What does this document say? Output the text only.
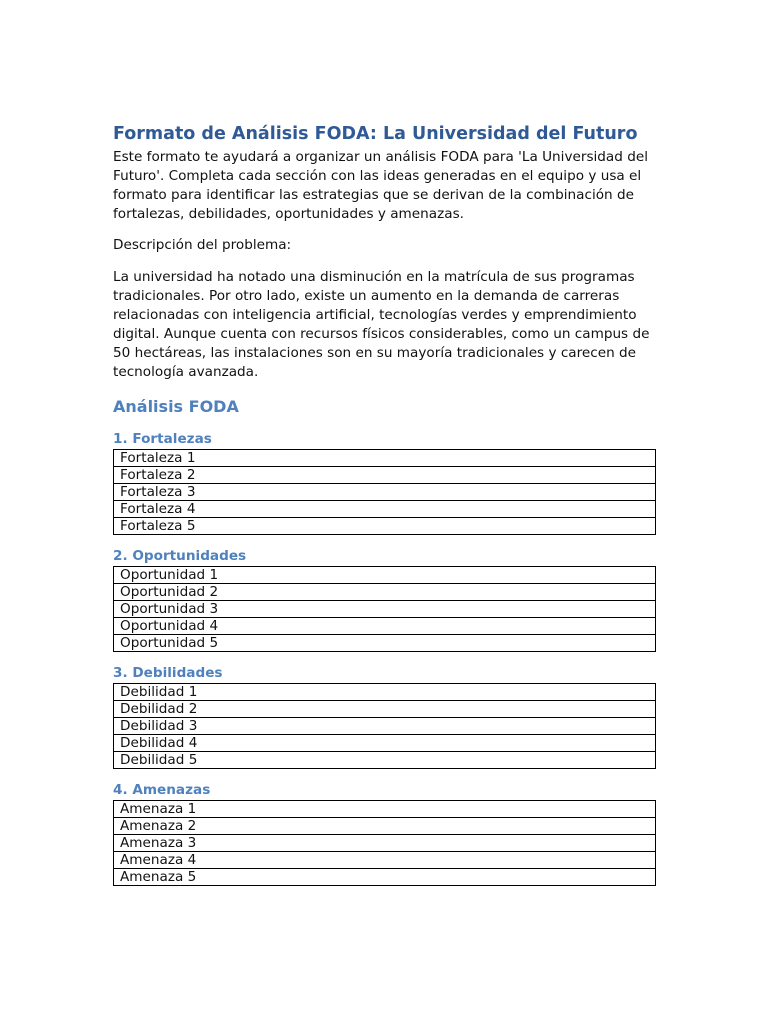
Formato de Análisis FODA: La Universidad del Futuro

Este formato te ayudará a organizar un análisis FODA para 'La Universidad del Futuro'. Completa cada sección con las ideas generadas en el equipo y usa el formato para identificar las estrategias que se derivan de la combinación de fortalezas, debilidades, oportunidades y amenazas.

Descripción del problema:

La universidad ha notado una disminución en la matrícula de sus programas tradicionales. Por otro lado, existe un aumento en la demanda de carreras relacionadas con inteligencia artificial, tecnologías verdes y emprendimiento digital. Aunque cuenta con recursos físicos considerables, como un campus de 50 hectáreas, las instalaciones son en su mayoría tradicionales y carecen de tecnología avanzada.

Análisis FODA
1. Fortalezas
Fortaleza 1
Fortaleza 2
Fortaleza 3
Fortaleza 4
Fortaleza 5
2. Oportunidades
Oportunidad 1
Oportunidad 2
Oportunidad 3
Oportunidad 4
Oportunidad 5
3. Debilidades
Debilidad 1
Debilidad 2
Debilidad 3
Debilidad 4
Debilidad 5
4. Amenazas
Amenaza 1
Amenaza 2
Amenaza 3
Amenaza 4
Amenaza 5
